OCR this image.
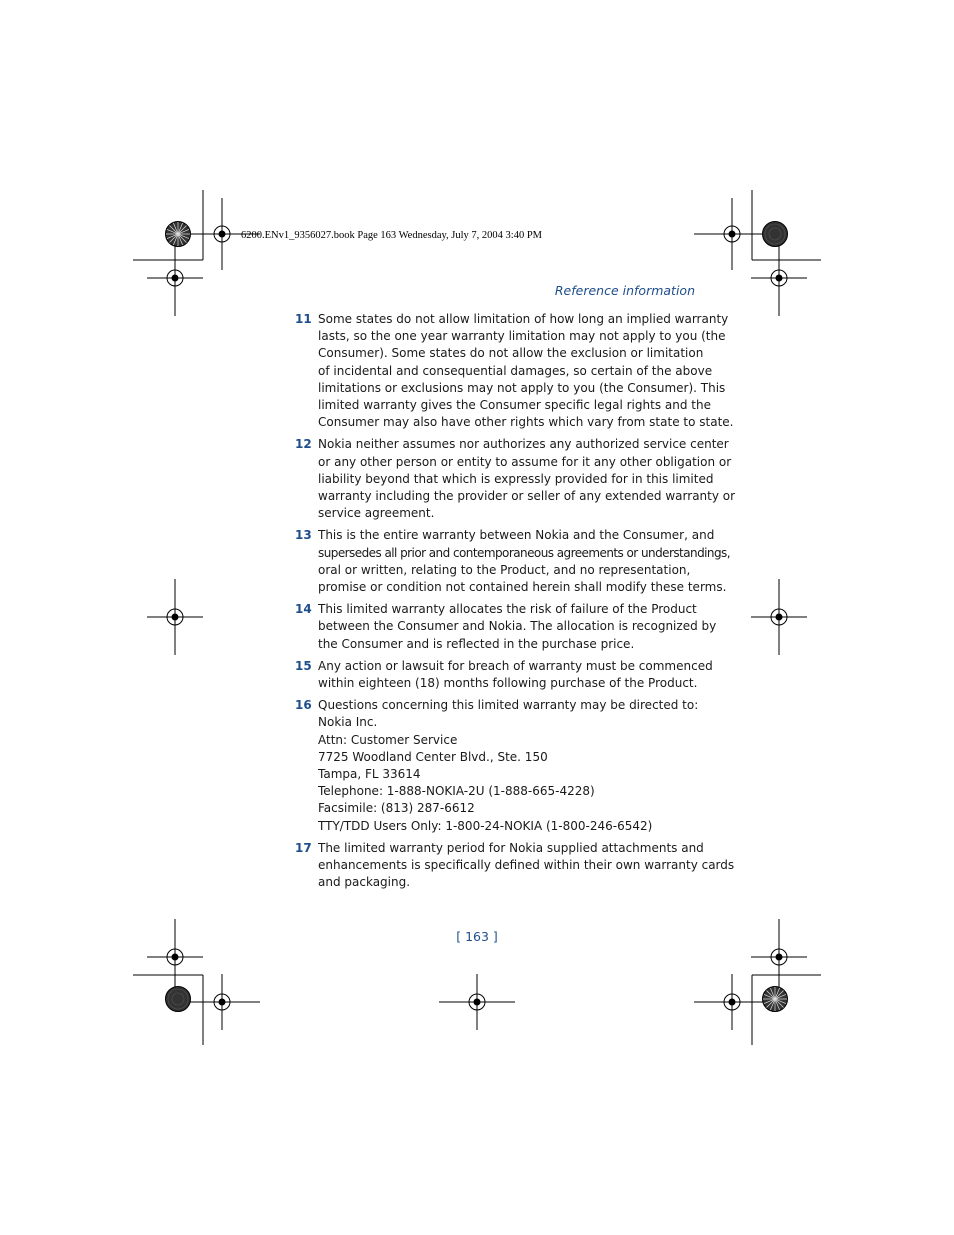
6200.ENv1_9356027.book Page 163 Wednesday, July 7, 2004 3:40 PM
Reference information
11 Some states do not allow limitation of how long an implied warranty
lasts, so the one year warranty limitation may not apply to you (the
Consumer). Some states do not allow the exclusion or limitation
of incidental and consequential damages, so certain of the above
limitations or exclusions may not apply to you (the Consumer). This
limited warranty gives the Consumer specific legal rights and the
Consumer may also have other rights which vary from state to state.
12 Nokia neither assumes nor authorizes any authorized service center
or any other person or entity to assume for it any other obligation or
liability beyond that which is expressly provided for in this limited
warranty including the provider or seller of any extended warranty or
service agreement.
13 This is the entire warranty between Nokia and the Consumer, and
supersedes all prior and contemporaneous agreements or understandings,
oral or written, relating to the Product, and no representation,
promise or condition not contained herein shall modify these terms.
14 This limited warranty allocates the risk of failure of the Product
between the Consumer and Nokia. The allocation is recognized by
the Consumer and is reflected in the purchase price.
15 Any action or lawsuit for breach of warranty must be commenced
within eighteen (18) months following purchase of the Product.
16 Questions concerning this limited warranty may be directed to:
Nokia Inc.
Attn: Customer Service
7725 Woodland Center Blvd., Ste. 150
Tampa, FL 33614
Telephone: 1-888-NOKIA-2U (1-888-665-4228)
Facsimile: (813) 287-6612
TTY/TDD Users Only: 1-800-24-NOKIA (1-800-246-6542)
17 The limited warranty period for Nokia supplied attachments and
enhancements is specifically defined within their own warranty cards
and packaging.
[ 163 ]
